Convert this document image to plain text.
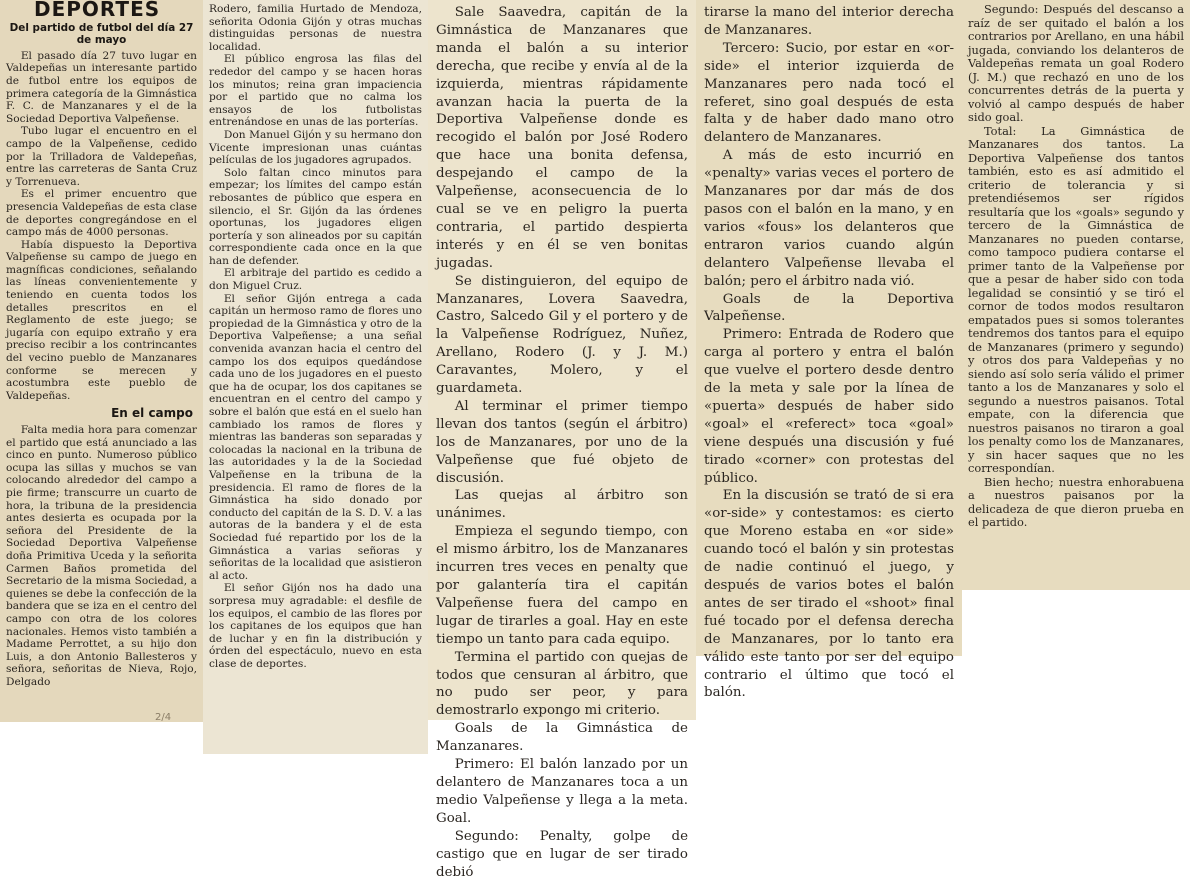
DEPORTES
Del partido de futbol del día 27 de mayo

El pasado día 27 tuvo lugar en Valdepeñas un interesante partido de futbol entre los equipos de primera categoría de la Gimnástica F. C. de Manzanares y el de la Sociedad Deportiva Valpeñense.

Tubo lugar el encuentro en el campo de la Valpeñense, cedido por la Trilladora de Valdepeñas, entre las carreteras de Santa Cruz y Torrenueva.

Es el primer encuentro que presencia Valdepeñas de esta clase de deportes congregándose en el campo más de 4000 personas.

Había dispuesto la Deportiva Valpeñense su campo de juego en magníficas condiciones, señalando las líneas convenientemente y teniendo en cuenta todos los detalles prescritos en el Reglamento de este juego; se jugaría con equipo extraño y era preciso recibir a los contrincantes del vecino pueblo de Manzanares conforme se merecen y acostumbra este pueblo de Valdepeñas.

En el campo

Falta media hora para comenzar el partido que está anunciado a las cinco en punto. Numeroso público ocupa las sillas y muchos se van colocando alrededor del campo a pie firme; transcurre un cuarto de hora, la tribuna de la presidencia antes desierta es ocupada por la señora del Presidente de la Sociedad Deportiva Valpeñense doña Primitiva Uceda y la señorita Carmen Baños prometida del Secretario de la misma Sociedad, a quienes se debe la confección de la bandera que se iza en el centro del campo con otra de los colores nacionales. Hemos visto también a Madame Perrottet, a su hijo don Luis, a don Antonio Ballesteros y señora, señoritas de Nieva, Rojo, Delgado

2/4

Rodero, familia Hurtado de Mendoza, señorita Odonia Gijón y otras muchas distinguidas personas de nuestra localidad.

El público engrosa las filas del rededor del campo y se hacen horas los minutos; reina gran impaciencia por el partido que no calma los ensayos de los futbolistas entrenándose en unas de las porterías.

Don Manuel Gijón y su hermano don Vicente impresionan unas cuántas películas de los jugadores agrupados.

Solo faltan cinco minutos para empezar; los límites del campo están rebosantes de público que espera en silencio, el Sr. Gijón da las órdenes oportunas, los jugadores eligen portería y son alineados por su capitán correspondiente cada once en la que han de defender.

El arbitraje del partido es cedido a don Miguel Cruz.

El señor Gijón entrega a cada capitán un hermoso ramo de flores uno propiedad de la Gimnástica y otro de la Deportiva Valpeñense; a una señal convenida avanzan hacia el centro del campo los dos equipos quedándose cada uno de los jugadores en el puesto que ha de ocupar, los dos capitanes se encuentran en el centro del campo y sobre el balón que está en el suelo han cambiado los ramos de flores y mientras las banderas son separadas y colocadas la nacional en la tribuna de las autoridades y la de la Sociedad Valpeñense en la tribuna de la presidencia. El ramo de flores de la Gimnástica ha sido donado por conducto del capitán de la S. D. V. a las autoras de la bandera y el de esta Sociedad fué repartido por los de la Gimnástica a varias señoras y señoritas de la localidad que asistieron al acto.

El señor Gijón nos ha dado una sorpresa muy agradable: el desfile de los equipos, el cambio de las flores por los capitanes de los equipos que han de luchar y en fin la distribución y órden del espectáculo, nuevo en esta clase de deportes.

Sale Saavedra, capitán de la Gimnástica de Manzanares que manda el balón a su interior derecha, que recibe y envía al de la izquierda, mientras rápidamente avanzan hacia la puerta de la Deportiva Valpeñense donde es recogido el balón por José Rodero que hace una bonita defensa, despejando el campo de la Valpeñense, aconsecuencia de lo cual se ve en peligro la puerta contraria, el partido despierta interés y en él se ven bonitas jugadas.

Se distinguieron, del equipo de Manzanares, Lovera Saavedra, Castro, Salcedo Gil y el portero y de la Valpeñense Rodríguez, Nuñez, Arellano, Rodero (J. y J. M.) Caravantes, Molero, y el guardameta.

Al terminar el primer tiempo llevan dos tantos (según el árbitro) los de Manzanares, por uno de la Valpeñense que fué objeto de discusión.

Las quejas al árbitro son unánimes.

Empieza el segundo tiempo, con el mismo árbitro, los de Manzanares incurren tres veces en penalty que por galantería tira el capitán Valpeñense fuera del campo en lugar de tirarles a goal. Hay en este tiempo un tanto para cada equipo.

Termina el partido con quejas de todos que censuran al árbitro, que no pudo ser peor, y para demostrarlo expongo mi criterio.

Goals de la Gimnástica de Manzanares.

Primero: El balón lanzado por un delantero de Manzanares toca a un medio Valpeñense y llega a la meta. Goal.

Segundo: Penalty, golpe de castigo que en lugar de ser tirado debió

tirarse la mano del interior derecha de Manzanares.

Tercero: Sucio, por estar en «or-side» el interior izquierda de Manzanares pero nada tocó el referet, sino goal después de esta falta y de haber dado mano otro delantero de Manzanares.

A más de esto incurrió en «penalty» varias veces el portero de Manzanares por dar más de dos pasos con el balón en la mano, y en varios «fous» los delanteros que entraron varios cuando algún delantero Valpeñense llevaba el balón; pero el árbitro nada vió.

Goals de la Deportiva Valpeñense.

Primero: Entrada de Rodero que carga al portero y entra el balón que vuelve el portero desde dentro de la meta y sale por la línea de «puerta» después de haber sido «goal» el «referect» toca «goal» viene después una discusión y fué tirado «corner» con protestas del público.

En la discusión se trató de si era «or-side» y contestamos: es cierto que Moreno estaba en «or side» cuando tocó el balón y sin protestas de nadie continuó el juego, y después de varios botes el balón antes de ser tirado el «shoot» final fué tocado por el defensa derecha de Manzanares, por lo tanto era válido este tanto por ser del equipo contrario el último que tocó el balón.

Segundo: Después del descanso a raíz de ser quitado el balón a los contrarios por Arellano, en una hábil jugada, conviando los delanteros de Valdepeñas remata un goal Rodero (J. M.) que rechazó en uno de los concurrentes detrás de la puerta y volvió al campo después de haber sido goal.

Total: La Gimnástica de Manzanares dos tantos. La Deportiva Valpeñense dos tantos también, esto es así admitido el criterio de tolerancia y si pretendiésemos ser rígidos resultaría que los «goals» segundo y tercero de la Gimnástica de Manzanares no pueden contarse, como tampoco pudiera contarse el primer tanto de la Valpeñense por que a pesar de haber sido con toda legalidad se consintió y se tiró el cornor de todos modos resultaron empatados pues si somos tolerantes tendremos dos tantos para el equipo de Manzanares (primero y segundo) y otros dos para Valdepeñas y no siendo así solo sería válido el primer tanto a los de Manzanares y solo el segundo a nuestros paisanos. Total empate, con la diferencia que nuestros paisanos no tiraron a goal los penalty como los de Manzanares, y sin hacer saques que no les correspondían.

Bien hecho; nuestra enhorabuena a nuestros paisanos por la delicadeza de que dieron prueba en el partido.
